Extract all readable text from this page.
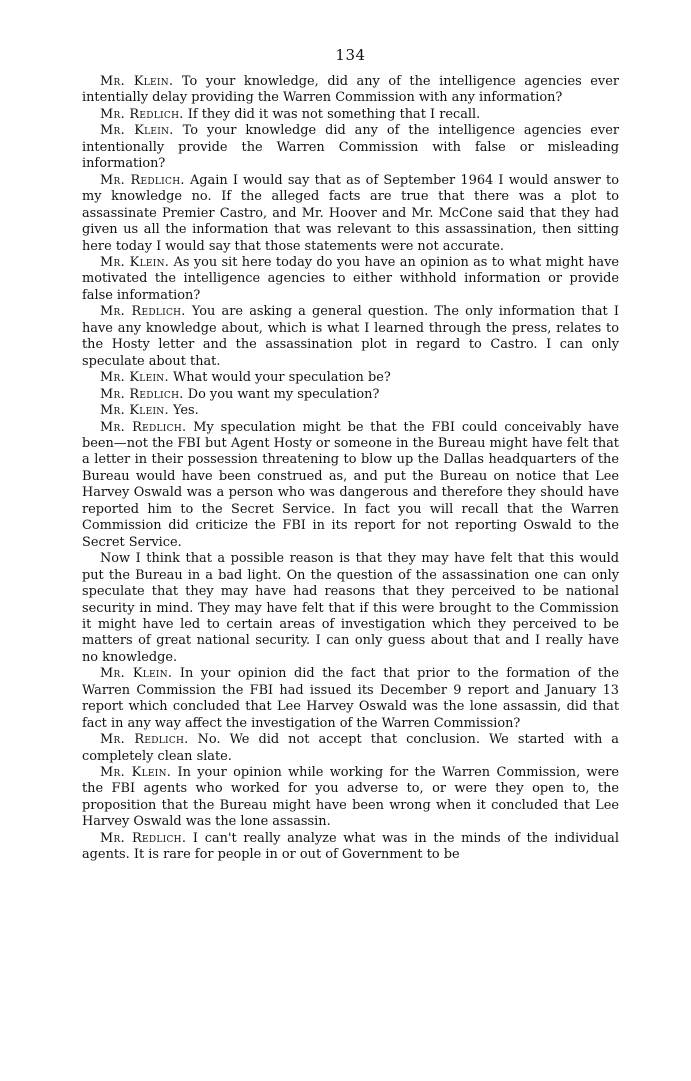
134

Mr. Klein. To your knowledge, did any of the intelligence agencies ever intentially delay providing the Warren Commission with any information?

Mr. Redlich. If they did it was not something that I recall.

Mr. Klein. To your knowledge did any of the intelligence agencies ever intentionally provide the Warren Commission with false or misleading information?

Mr. Redlich. Again I would say that as of September 1964 I would answer to my knowledge no. If the alleged facts are true that there was a plot to assassinate Premier Castro, and Mr. Hoover and Mr. McCone said that they had given us all the information that was relevant to this assassination, then sitting here today I would say that those statements were not accurate.

Mr. Klein. As you sit here today do you have an opinion as to what might have motivated the intelligence agencies to either withhold information or provide false information?

Mr. Redlich. You are asking a general question. The only information that I have any knowledge about, which is what I learned through the press, relates to the Hosty letter and the assassination plot in regard to Castro. I can only speculate about that.

Mr. Klein. What would your speculation be?

Mr. Redlich. Do you want my speculation?

Mr. Klein. Yes.

Mr. Redlich. My speculation might be that the FBI could conceivably have been—not the FBI but Agent Hosty or someone in the Bureau might have felt that a letter in their possession threatening to blow up the Dallas headquarters of the Bureau would have been construed as, and put the Bureau on notice that Lee Harvey Oswald was a person who was dangerous and therefore they should have reported him to the Secret Service. In fact you will recall that the Warren Commission did criticize the FBI in its report for not reporting Oswald to the Secret Service.

Now I think that a possible reason is that they may have felt that this would put the Bureau in a bad light. On the question of the assassination one can only speculate that they may have had reasons that they perceived to be national security in mind. They may have felt that if this were brought to the Commission it might have led to certain areas of investigation which they perceived to be matters of great national security. I can only guess about that and I really have no knowledge.

Mr. Klein. In your opinion did the fact that prior to the formation of the Warren Commission the FBI had issued its December 9 report and January 13 report which concluded that Lee Harvey Oswald was the lone assassin, did that fact in any way affect the investigation of the Warren Commission?

Mr. Redlich. No. We did not accept that conclusion. We started with a completely clean slate.

Mr. Klein. In your opinion while working for the Warren Commission, were the FBI agents who worked for you adverse to, or were they open to, the proposition that the Bureau might have been wrong when it concluded that Lee Harvey Oswald was the lone assassin.

Mr. Redlich. I can't really analyze what was in the minds of the individual agents. It is rare for people in or out of Government to be
